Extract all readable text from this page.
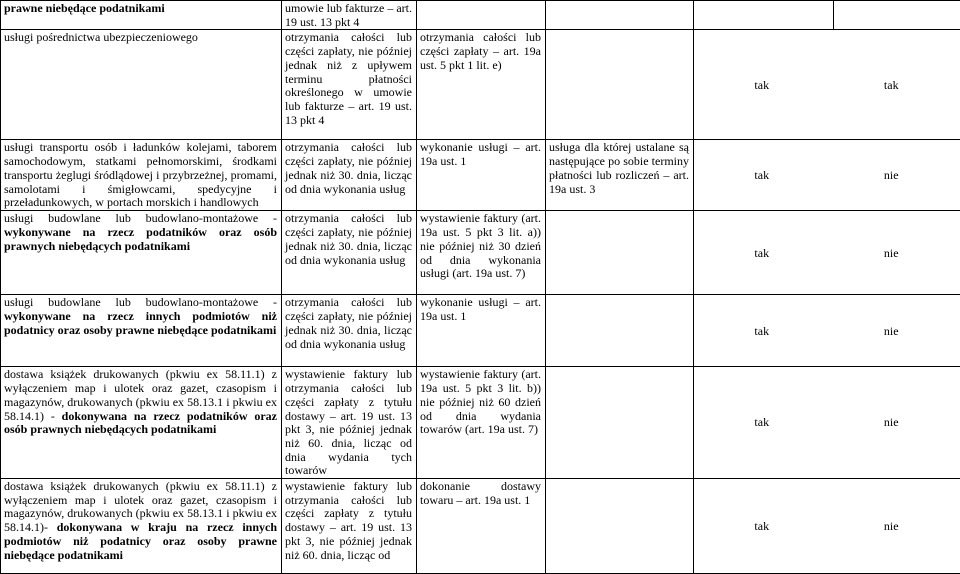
prawne niebędące podatnikami	umowie lub fakturze – art. 19 ust. 13 pkt 4				
usługi pośrednictwa ubezpieczeniowego	otrzymania całości lub części zapłaty, nie później jednak niż z upływem terminu płatności określonego w umowie lub fakturze – art. 19 ust. 13 pkt 4	otrzymania całości lub części zapłaty – art. 19a ust. 5 pkt 1 lit. e)		tak tak	

usługi transportu osób i ładunków kolejami, taborem samochodowym, statkami pełnomorskimi, środkami transportu żeglugi śródlądowej i przybrzeżnej, promami, samolotami i śmigłowcami, spedycyjne i przeładunkowych, w portach morskich i handlowych	otrzymania całości lub części zapłaty, nie później jednak niż 30. dnia, licząc od dnia wykonania usług	wykonanie usługi – art. 19a ust. 1	usługa dla której ustalane są następujące po sobie terminy płatności lub rozliczeń – art. 19a ust. 3	tak nie	

usługi budowlane lub budowlano-montażowe - wykonywane na rzecz podatników oraz osób prawnych niebędących podatnikami	otrzymania całości lub części zapłaty, nie później jednak niż 30. dnia, licząc od dnia wykonania usług	wystawienie faktury (art. 19a ust. 5 pkt 3 lit. a)) nie później niż 30 dzień od dnia wykonania usługi (art. 19a ust. 7)		tak nie	

usługi budowlane lub budowlano-montażowe - wykonywane na rzecz innych podmiotów niż podatnicy oraz osoby prawne niebędące podatnikami	otrzymania całości lub części zapłaty, nie później jednak niż 30. dnia, licząc od dnia wykonania usług	wykonanie usługi – art. 19a ust. 1		tak nie	

dostawa książek drukowanych (pkwiu ex 58.11.1) z wyłączeniem map i ulotek oraz gazet, czasopism i magazynów, drukowanych (pkwiu ex 58.13.1 i pkwiu ex 58.14.1) - dokonywana na rzecz podatników oraz osób prawnych niebędących podatnikami	wystawienie faktury lub otrzymania całości lub części zapłaty z tytułu dostawy – art. 19 ust. 13 pkt 3, nie później jednak niż 60. dnia, licząc od dnia wydania tych towarów	wystawienie faktury (art. 19a ust. 5 pkt 3 lit. b)) nie później niż 60 dzień od dnia wydania towarów (art. 19a ust. 7)		tak nie	

dostawa książek drukowanych (pkwiu ex 58.11.1) z wyłączeniem map i ulotek oraz gazet, czasopism i magazynów, drukowanych (pkwiu ex 58.13.1 i pkwiu ex 58.14.1)- dokonywana w kraju na rzecz innych podmiotów niż podatnicy oraz osoby prawne niebędące podatnikami	wystawienie faktury lub otrzymania całości lub części zapłaty z tytułu dostawy – art. 19 ust. 13 pkt 3, nie później jednak niż 60. dnia, licząc od	dokonanie dostawy towaru – art. 19a ust. 1		tak nie	
